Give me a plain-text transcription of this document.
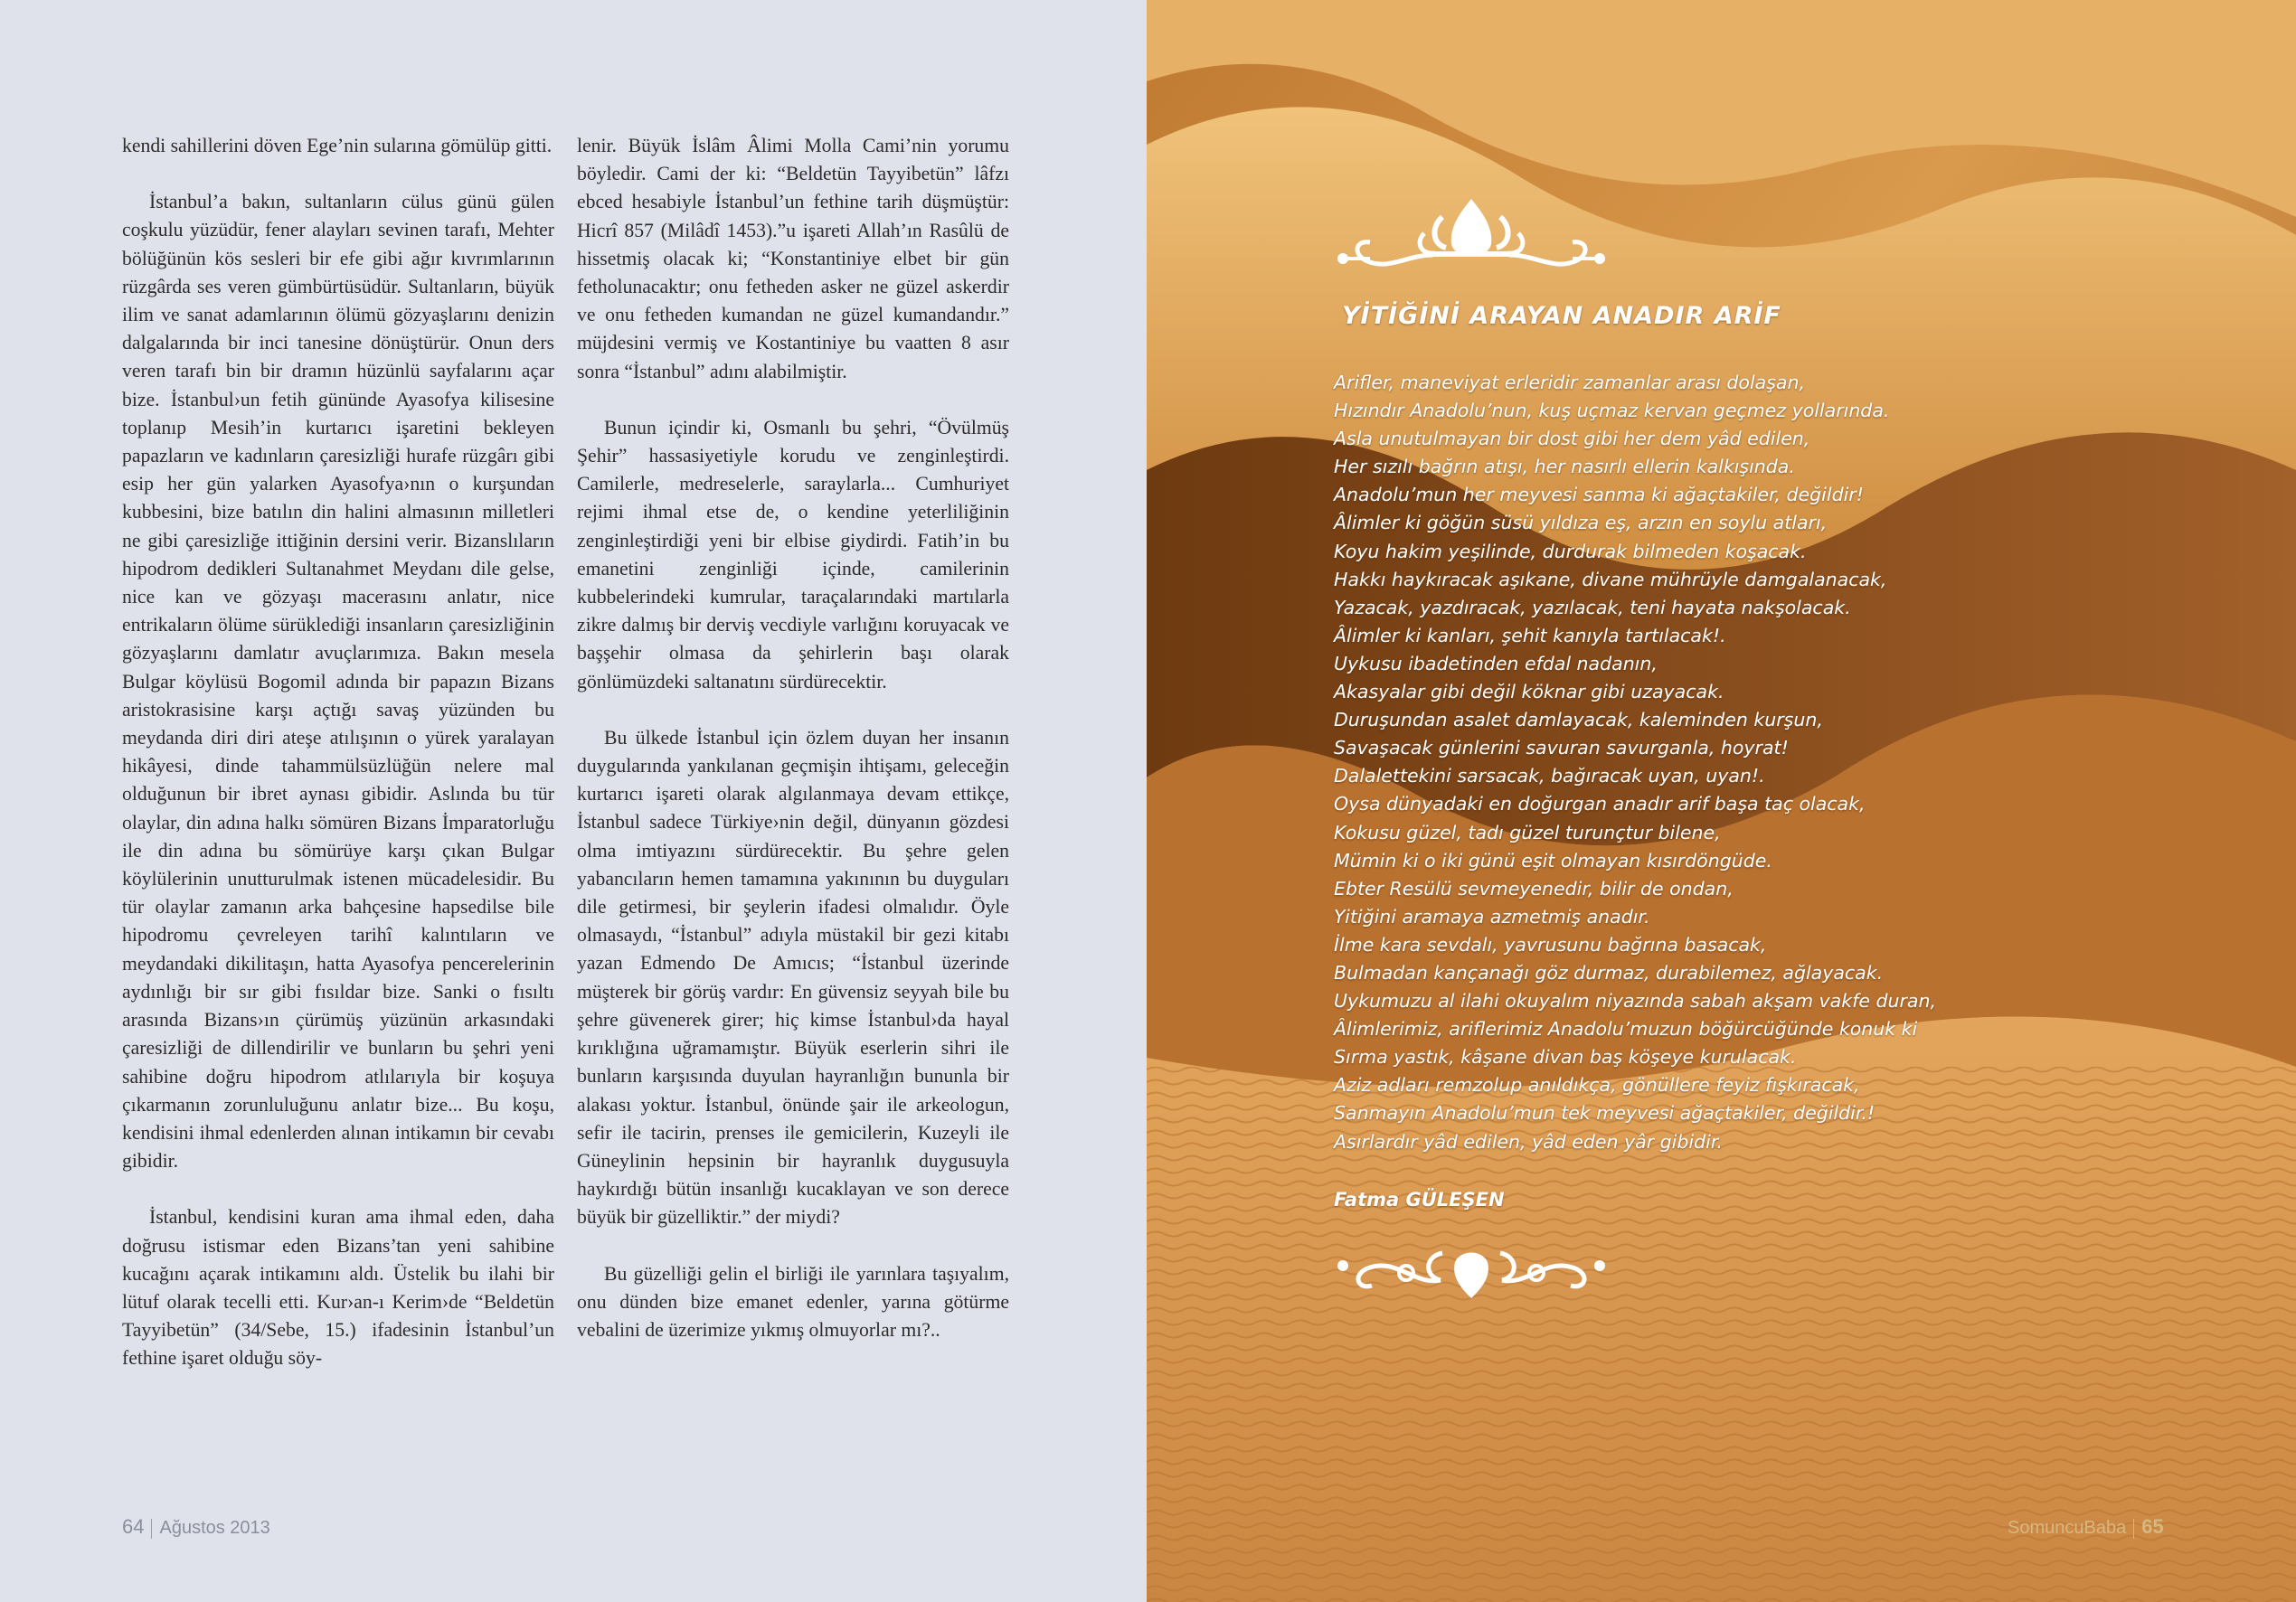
kendi sahillerini döven Ege’nin sularına gömülüp gitti.

İstanbul’a bakın, sultanların cülus günü gülen coşkulu yüzüdür, fener alayları sevinen tarafı, Mehter bölüğünün kös sesleri bir efe gibi ağır kıvrımlarının rüzgârda ses veren gümbürtüsüdür. Sultanların, büyük ilim ve sanat adamlarının ölümü gözyaşlarını denizin dalgalarında bir inci tanesine dönüştürür. Onun ders veren tarafı bin bir dramın hüzünlü sayfalarını açar bize. İstanbul›un fetih gününde Ayasofya kilisesine toplanıp Mesih’in kurtarıcı işaretini bekleyen papazların ve kadınların çaresizliği hurafe rüzgârı gibi esip her gün yalarken Ayasofya›nın o kurşundan kubbesini, bize batılın din halini almasının milletleri ne gibi çaresizliğe ittiğinin dersini verir. Bizanslıların hipodrom dedikleri Sultanahmet Meydanı dile gelse, nice kan ve gözyaşı macerasını anlatır, nice entrikaların ölüme sürüklediği insanların çaresizliğinin gözyaşlarını damlatır avuçlarımıza. Bakın mesela Bulgar köylüsü Bogomil adında bir papazın Bizans aristokrasisine karşı açtığı savaş yüzünden bu meydanda diri diri ateşe atılışının o yürek yaralayan hikâyesi, dinde tahammülsüzlüğün nelere mal olduğunun bir ibret aynası gibidir. Aslında bu tür olaylar, din adına halkı sömüren Bizans İmparatorluğu ile din adına bu sömürüye karşı çıkan Bulgar köylülerinin unutturulmak istenen mücadelesidir. Bu tür olaylar zamanın arka bahçesine hapsedilse bile hipodromu çevreleyen tarihî kalıntıların ve meydandaki dikilitaşın, hatta Ayasofya pencerelerinin aydınlığı bir sır gibi fısıldar bize. Sanki o fısıltı arasında Bizans›ın çürümüş yüzünün arkasındaki çaresizliği de dillendirilir ve bunların bu şehri yeni sahibine doğru hipodrom atlılarıyla bir koşuya çıkarmanın zorunluluğunu anlatır bize... Bu koşu, kendisini ihmal edenlerden alınan intikamın bir cevabı gibidir.

İstanbul, kendisini kuran ama ihmal eden, daha doğrusu istismar eden Bizans’tan yeni sahibine kucağını açarak intikamını aldı. Üstelik bu ilahi bir lütuf olarak tecelli etti. Kur›an-ı Kerim›de “Beldetün Tayyibetün” (34/Sebe, 15.) ifadesinin İstanbul’un fethine işaret olduğu söy-

lenir. Büyük İslâm Âlimi Molla Cami’nin yorumu böyledir. Cami der ki: “Beldetün Tayyibetün” lâfzı ebced hesabiyle İstanbul’un fethine tarih düşmüştür: Hicrî 857 (Milâdî 1453).”u işareti Allah’ın Rasûlü de hissetmiş olacak ki; “Konstantiniye elbet bir gün fetholunacaktır; onu fetheden asker ne güzel askerdir ve onu fetheden kumandan ne güzel kumandandır.” müjdesini vermiş ve Kostantiniye bu vaatten 8 asır sonra “İstanbul” adını alabilmiştir.

Bunun içindir ki, Osmanlı bu şehri, “Övülmüş Şehir” hassasiyetiyle korudu ve zenginleştirdi. Camilerle, medreselerle, saraylarla... Cumhuriyet rejimi ihmal etse de, o kendine yeterliliğinin zenginleştirdiği yeni bir elbise giydirdi. Fatih’in bu emanetini zenginliği içinde, camilerinin kubbelerindeki kumrular, taraçalarındaki martılarla zikre dalmış bir derviş vecdiyle varlığını koruyacak ve başşehir olmasa da şehirlerin başı olarak gönlümüzdeki saltanatını sürdürecektir.

Bu ülkede İstanbul için özlem duyan her insanın duygularında yankılanan geçmişin ihtişamı, geleceğin kurtarıcı işareti olarak algılanmaya devam ettikçe, İstanbul sadece Türkiye›nin değil, dünyanın gözdesi olma imtiyazını sürdürecektir. Bu şehre gelen yabancıların hemen tamamına yakınının bu duyguları dile getirmesi, bir şeylerin ifadesi olmalıdır. Öyle olmasaydı, “İstanbul” adıyla müstakil bir gezi kitabı yazan Edmendo De Amıcıs; “İstanbul üzerinde müşterek bir görüş vardır: En güvensiz seyyah bile bu şehre güvenerek girer; hiç kimse İstanbul›da hayal kırıklığına uğramamıştır. Büyük eserlerin sihri ile bunların karşısında duyulan hayranlığın bununla bir alakası yoktur. İstanbul, önünde şair ile arkeologun, sefir ile tacirin, prenses ile gemicilerin, Kuzeyli ile Güneylinin hepsinin bir hayranlık duygusuyla haykırdığı bütün insanlığı kucaklayan ve son derece büyük bir güzelliktir.” der miydi?

Bu güzelliği gelin el birliği ile yarınlara taşıyalım, onu dünden bize emanet edenler, yarına götürme vebalini de üzerimize yıkmış olmuyorlar mı?..

64 Ağustos 2013
YİTİĞİNİ ARAYAN ANADIR ARİF
Arifler, maneviyat erleridir zamanlar arası dolaşan,
Hızındır Anadolu’nun, kuş uçmaz kervan geçmez yollarında.
Asla unutulmayan bir dost gibi her dem yâd edilen,
Her sızılı bağrın atışı, her nasırlı ellerin kalkışında.
Anadolu’mun her meyvesi sanma ki ağaçtakiler, değildir!
Âlimler ki göğün süsü yıldıza eş, arzın en soylu atları,
Koyu hakim yeşilinde, durdurak bilmeden koşacak.
Hakkı haykıracak aşıkane, divane mührüyle damgalanacak,
Yazacak, yazdıracak, yazılacak, teni hayata nakşolacak.
Âlimler ki kanları, şehit kanıyla tartılacak!.
Uykusu ibadetinden efdal nadanın,
Akasyalar gibi değil köknar gibi uzayacak.
Duruşundan asalet damlayacak, kaleminden kurşun,
Savaşacak günlerini savuran savurganla, hoyrat!
Dalalettekini sarsacak, bağıracak uyan, uyan!.
Oysa dünyadaki en doğurgan anadır arif başa taç olacak,
Kokusu güzel, tadı güzel turunçtur bilene,
Mümin ki o iki günü eşit olmayan kısırdöngüde.
Ebter Resülü sevmeyenedir, bilir de ondan,
Yitiğini aramaya azmetmiş anadır.
İlme kara sevdalı, yavrusunu bağrına basacak,
Bulmadan kançanağı göz durmaz, durabilemez, ağlayacak.
Uykumuzu al ilahi okuyalım niyazında sabah akşam vakfe duran,
Âlimlerimiz, ariflerimiz Anadolu’muzun böğürcüğünde konuk ki
Sırma yastık, kâşane divan baş köşeye kurulacak.
Aziz adları remzolup anıldıkça, gönüllere feyiz fışkıracak,
Sanmayın Anadolu’mun tek meyvesi ağaçtakiler, değildir.!
Asırlardır yâd edilen, yâd eden yâr gibidir.
Fatma GÜLEŞEN
SomuncuBaba 65
